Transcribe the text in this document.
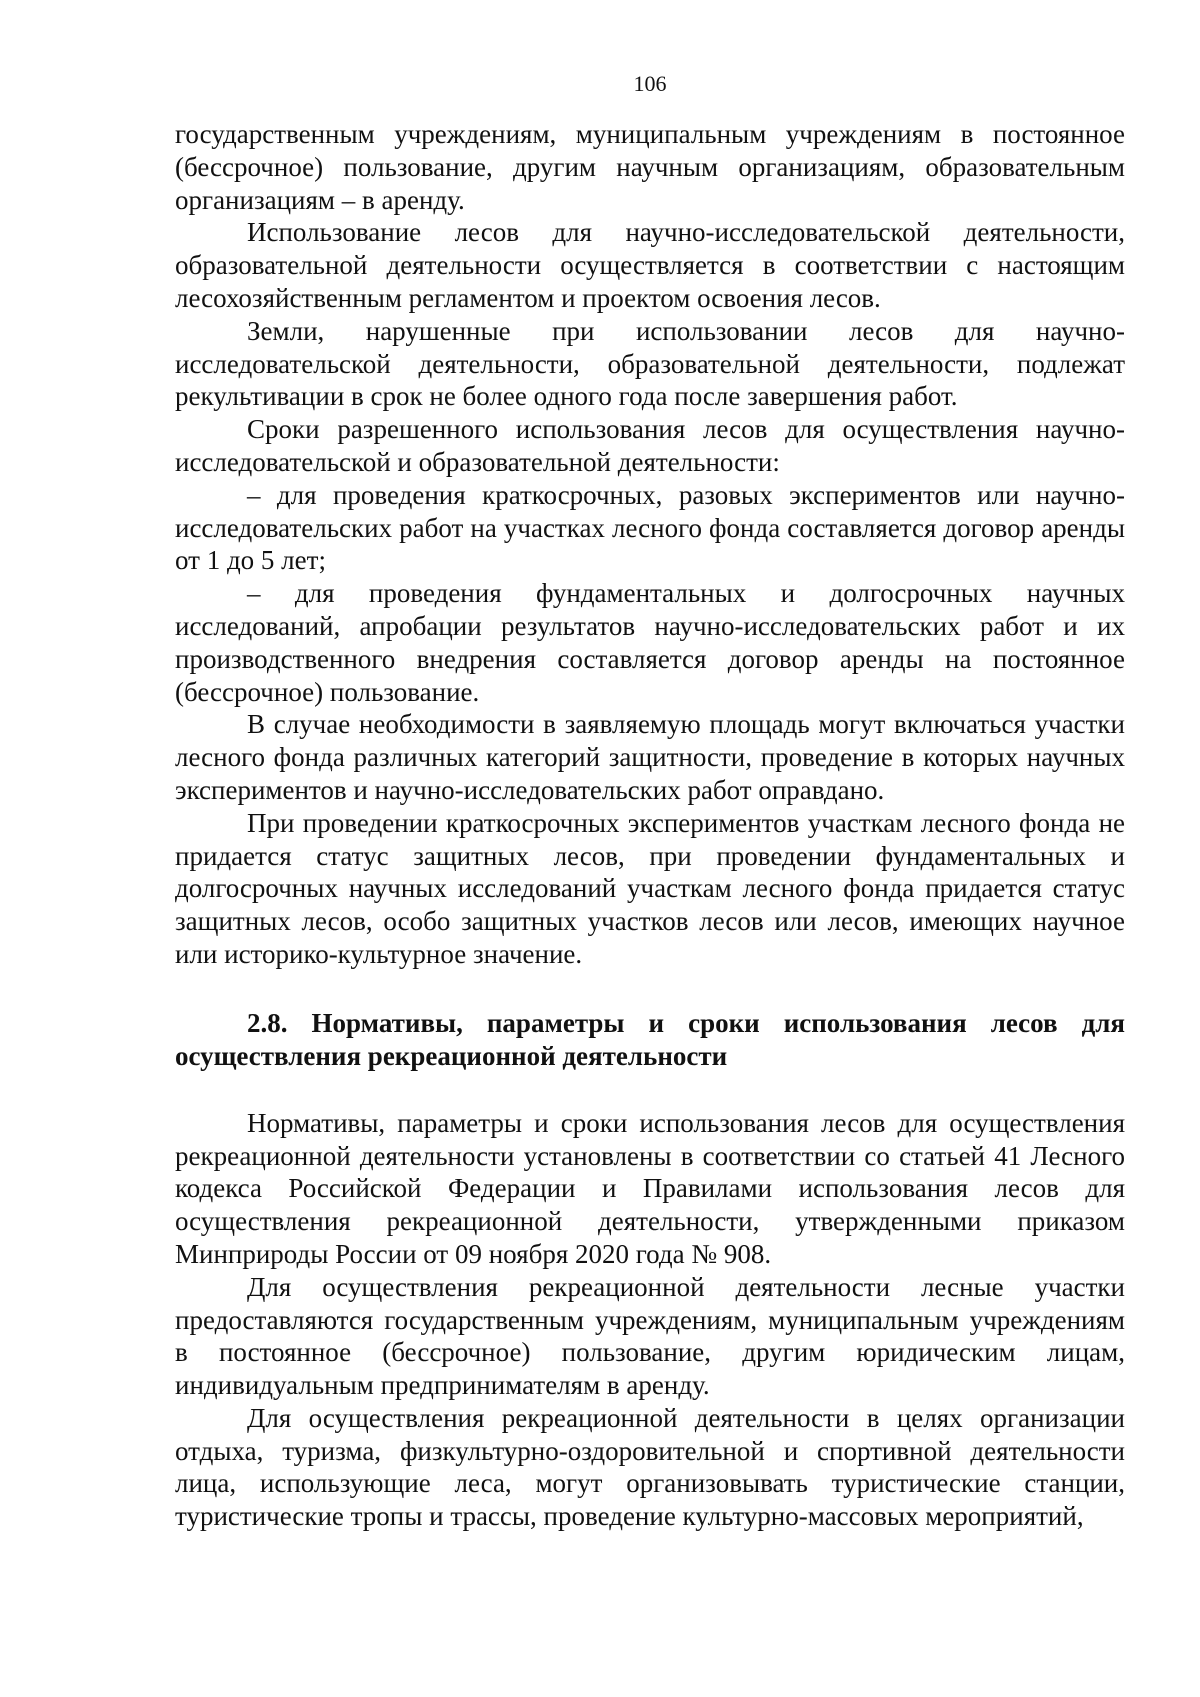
106

государственным учреждениям, муниципальным учреждениям в постоянное (бессрочное) пользование, другим научным организациям, образовательным организациям – в аренду.

Использование лесов для научно-исследовательской деятельности, образовательной деятельности осуществляется в соответствии с настоящим лесохозяйственным регламентом и проектом освоения лесов.

Земли, нарушенные при использовании лесов для научно-исследовательской деятельности, образовательной деятельности, подлежат рекультивации в срок не более одного года после завершения работ.

Сроки разрешенного использования лесов для осуществления научно-исследовательской и образовательной деятельности:

– для проведения краткосрочных, разовых экспериментов или научно-исследовательских работ на участках лесного фонда составляется договор аренды от 1 до 5 лет;

– для проведения фундаментальных и долгосрочных научных исследований, апробации результатов научно-исследовательских работ и их производственного внедрения составляется договор аренды на постоянное (бессрочное) пользование.

В случае необходимости в заявляемую площадь могут включаться участки лесного фонда различных категорий защитности, проведение в которых научных экспериментов и научно-исследовательских работ оправдано.

При проведении краткосрочных экспериментов участкам лесного фонда не придается статус защитных лесов, при проведении фундаментальных и долгосрочных научных исследований участкам лесного фонда придается статус защитных лесов, особо защитных участков лесов или лесов, имеющих научное или историко-культурное значение.

2.8. Нормативы, параметры и сроки использования лесов для осуществления рекреационной деятельности

Нормативы, параметры и сроки использования лесов для осуществления рекреационной деятельности установлены в соответствии со статьей 41 Лесного кодекса Российской Федерации и Правилами использования лесов для осуществления рекреационной деятельности, утвержденными приказом Минприроды России от 09 ноября 2020 года № 908.

Для осуществления рекреационной деятельности лесные участки предоставляются государственным учреждениям, муниципальным учреждениям в постоянное (бессрочное) пользование, другим юридическим лицам, индивидуальным предпринимателям в аренду.

Для осуществления рекреационной деятельности в целях организации отдыха, туризма, физкультурно-оздоровительной и спортивной деятельности лица, использующие леса, могут организовывать туристические станции, туристические тропы и трассы, проведение культурно-массовых мероприятий,
